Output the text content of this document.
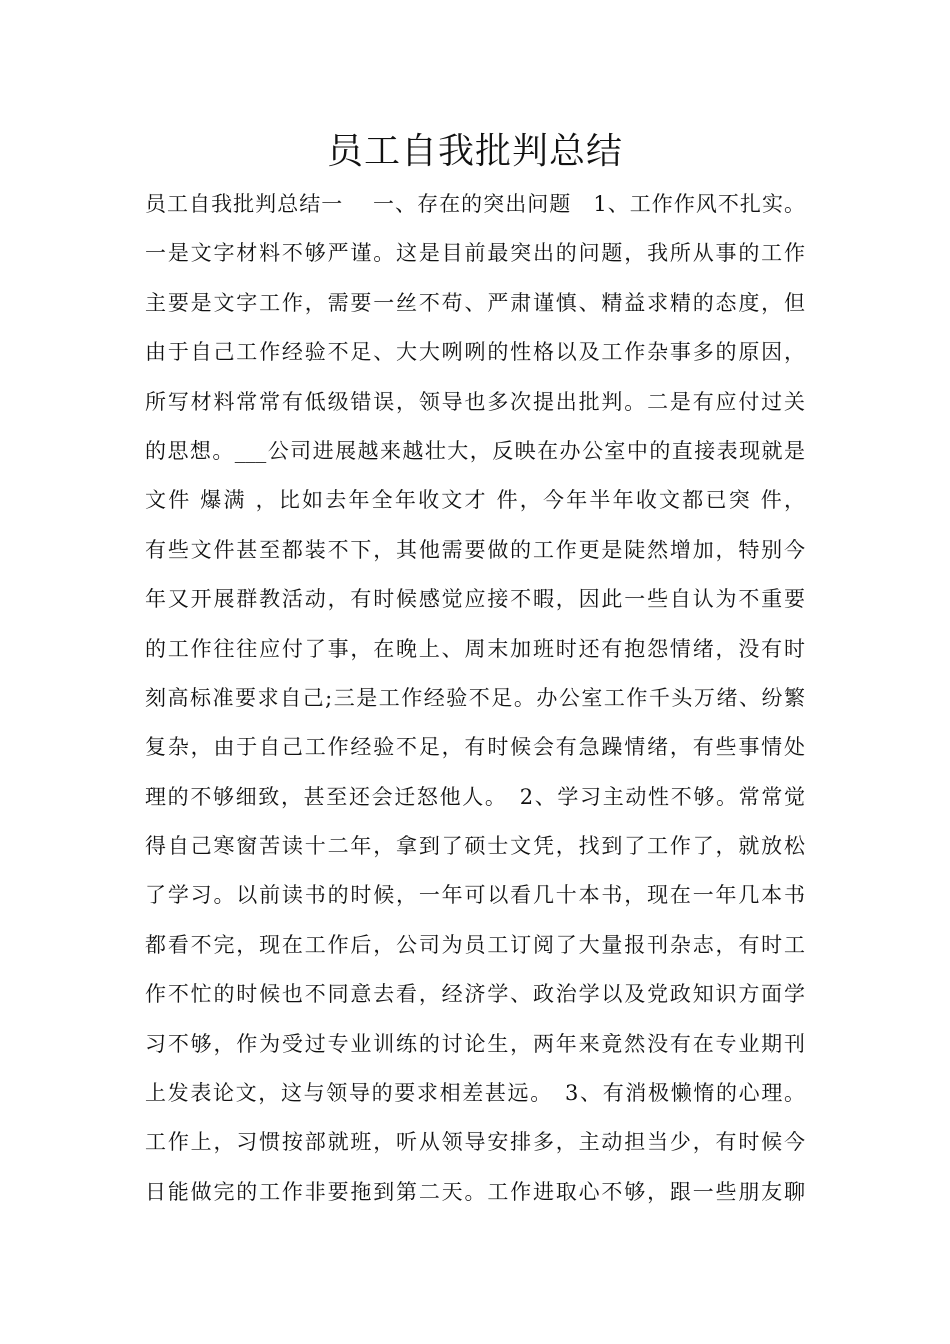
员工自我批判总结
员工自我批判总结一　 一、存在的突出问题　1、工作作风不扎实。
一是文字材料不够严谨。这是目前最突出的问题，我所从事的工作
主要是文字工作，需要一丝不苟、严肃谨慎、精益求精的态度，但
由于自己工作经验不足、大大咧咧的性格以及工作杂事多的原因，
所写材料常常有低级错误，领导也多次提出批判。二是有应付过关
的思想。___公司进展越来越壮大，反映在办公室中的直接表现就是
文件 爆满 ，比如去年全年收文才 件，今年半年收文都已突 件，
有些文件甚至都装不下，其他需要做的工作更是陡然增加，特别今
年又开展群教活动，有时候感觉应接不暇，因此一些自认为不重要
的工作往往应付了事，在晚上、周末加班时还有抱怨情绪，没有时
刻高标准要求自己;三是工作经验不足。办公室工作千头万绪、纷繁
复杂，由于自己工作经验不足，有时候会有急躁情绪，有些事情处
理的不够细致，甚至还会迁怒他人。　2、学习主动性不够。常常觉
得自己寒窗苦读十二年，拿到了硕士文凭，找到了工作了，就放松
了学习。以前读书的时候，一年可以看几十本书，现在一年几本书
都看不完，现在工作后，公司为员工订阅了大量报刊杂志，有时工
作不忙的时候也不同意去看，经济学、政治学以及党政知识方面学
习不够，作为受过专业训练的讨论生，两年来竟然没有在专业期刊
上发表论文，这与领导的要求相差甚远。　3、有消极懒惰的心理。
工作上，习惯按部就班，听从领导安排多，主动担当少，有时候今
日能做完的工作非要拖到第二天。工作进取心不够，跟一些朋友聊
